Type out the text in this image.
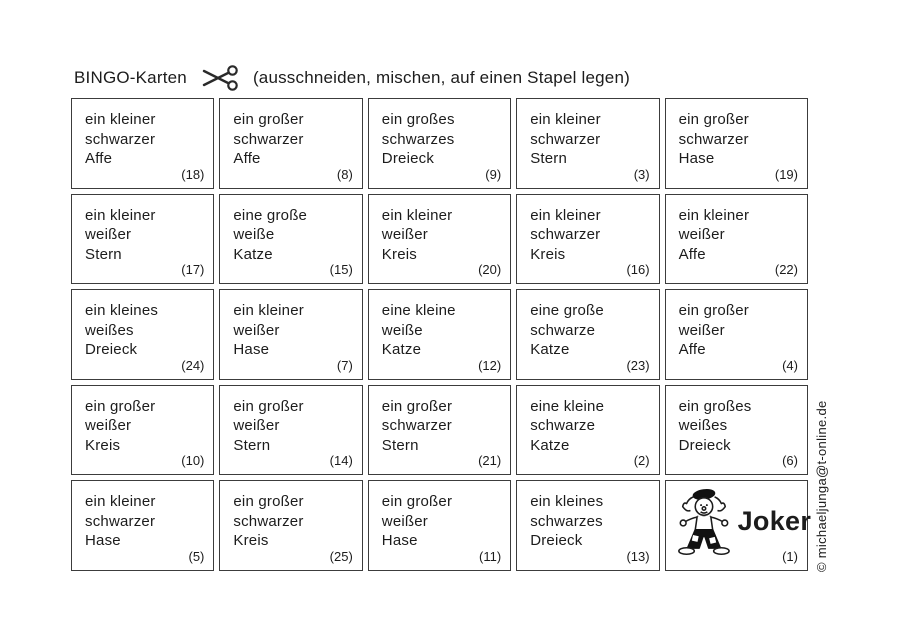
BINGO-Karten	(ausschneiden, mischen, auf einen Stapel legen)
ein kleiner
schwarzer
Affe
(18)
ein großer
schwarzer
Affe
(8)
ein großes
schwarzes
Dreieck
(9)
ein kleiner
schwarzer
Stern
(3)
ein großer
schwarzer
Hase
(19)
ein kleiner
weißer
Stern
(17)
eine große
weiße
Katze
(15)
ein kleiner
weißer
Kreis
(20)
ein kleiner
schwarzer
Kreis
(16)
ein kleiner
weißer
Affe
(22)
ein kleines
weißes
Dreieck
(24)
ein kleiner
weißer
Hase
(7)
eine kleine
weiße
Katze
(12)
eine große
schwarze
Katze
(23)
ein großer
weißer
Affe
(4)
ein großer
weißer
Kreis
(10)
ein großer
weißer
Stern
(14)
ein großer
schwarzer
Stern
(21)
eine kleine
schwarze
Katze
(2)
ein großes
weißes
Dreieck
(6)
ein kleiner
schwarzer
Hase
(5)
ein großer
schwarzer
Kreis
(25)
ein großer
weißer
Hase
(11)
ein kleines
schwarzes
Dreieck
(13)
Joker
(1) © michaeljunga@t-online.de
